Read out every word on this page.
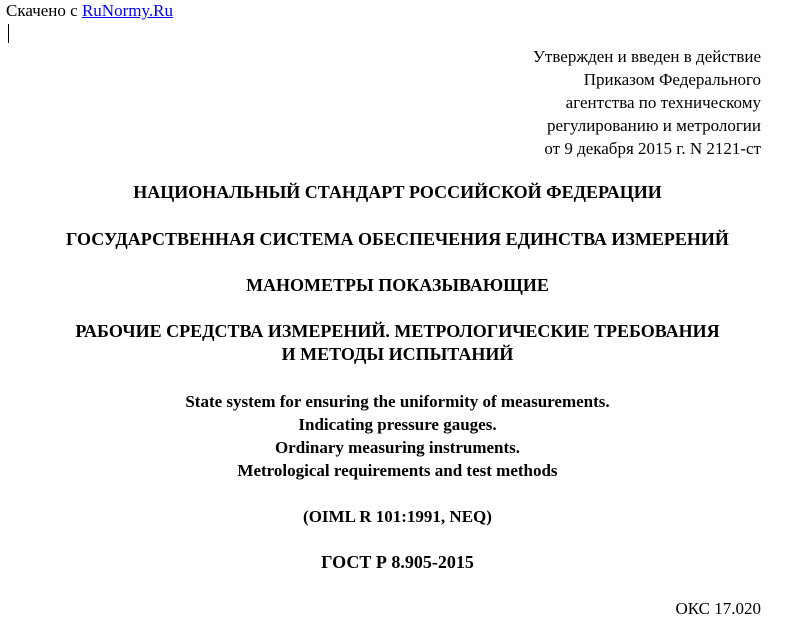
Скачено с RuNormy.Ru
Утвержден и введен в действие
Приказом Федерального
агентства по техническому
регулированию и метрологии
от 9 декабря 2015 г. N 2121-ст
НАЦИОНАЛЬНЫЙ СТАНДАРТ РОССИЙСКОЙ ФЕДЕРАЦИИ
ГОСУДАРСТВЕННАЯ СИСТЕМА ОБЕСПЕЧЕНИЯ ЕДИНСТВА ИЗМЕРЕНИЙ
МАНОМЕТРЫ ПОКАЗЫВАЮЩИЕ
РАБОЧИЕ СРЕДСТВА ИЗМЕРЕНИЙ. МЕТРОЛОГИЧЕСКИЕ ТРЕБОВАНИЯ
И МЕТОДЫ ИСПЫТАНИЙ
State system for ensuring the uniformity of measurements.
Indicating pressure gauges.
Ordinary measuring instruments.
Metrological requirements and test methods
(OIML R 101:1991, NEQ)
ГОСТ Р 8.905-2015
ОКС 17.020
